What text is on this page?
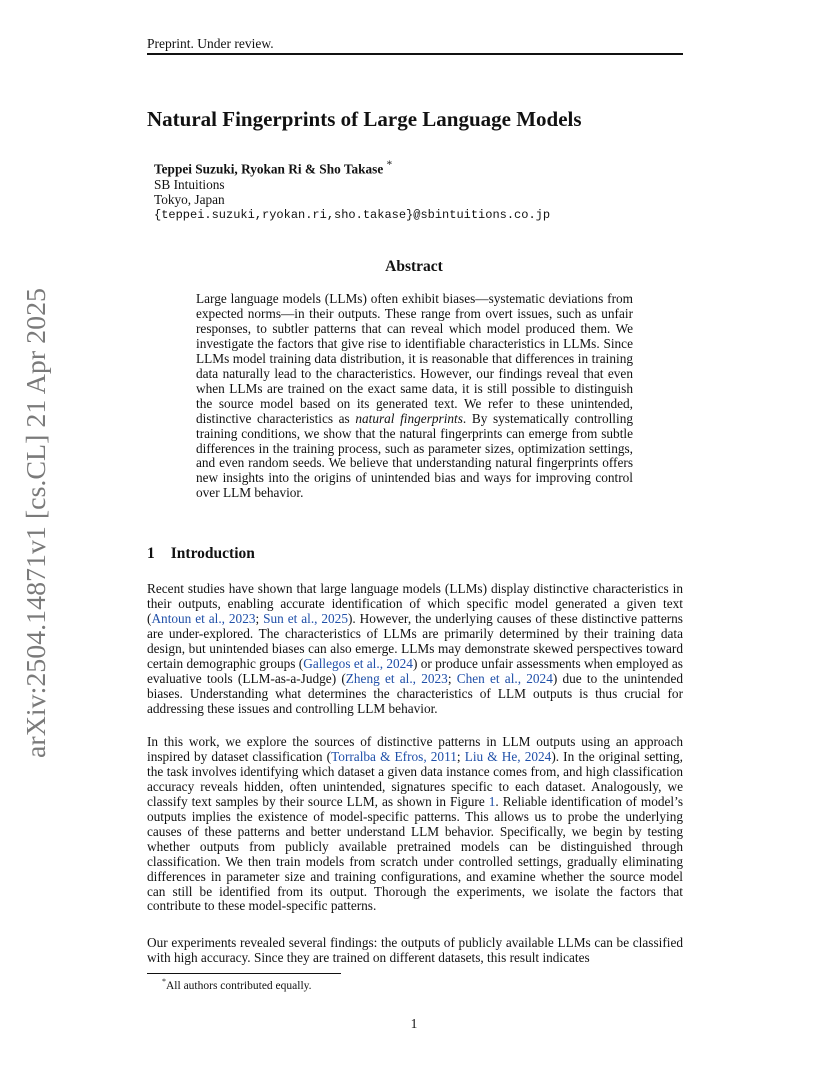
Preprint. Under review.
Natural Fingerprints of Large Language Models
Teppei Suzuki, Ryokan Ri & Sho Takase *
SB Intuitions
Tokyo, Japan
{teppei.suzuki,ryokan.ri,sho.takase}@sbintuitions.co.jp
arXiv:2504.14871v1 [cs.CL] 21 Apr 2025
Abstract
Large language models (LLMs) often exhibit biases—systematic deviations from expected norms—in their outputs. These range from overt issues, such as unfair responses, to subtler patterns that can reveal which model produced them. We investigate the factors that give rise to identifiable characteristics in LLMs. Since LLMs model training data distribution, it is reasonable that differences in training data naturally lead to the characteristics. However, our findings reveal that even when LLMs are trained on the exact same data, it is still possible to distinguish the source model based on its generated text. We refer to these unintended, distinctive characteristics as natural fingerprints. By systematically controlling training conditions, we show that the natural fingerprints can emerge from subtle differences in the training process, such as parameter sizes, optimization settings, and even random seeds. We believe that understanding natural fingerprints offers new insights into the origins of unintended bias and ways for improving control over LLM behavior.
1 Introduction
Recent studies have shown that large language models (LLMs) display distinctive characteristics in their outputs, enabling accurate identification of which specific model generated a given text (Antoun et al., 2023; Sun et al., 2025). However, the underlying causes of these distinctive patterns are under-explored. The characteristics of LLMs are primarily determined by their training data design, but unintended biases can also emerge. LLMs may demonstrate skewed perspectives toward certain demographic groups (Gallegos et al., 2024) or produce unfair assessments when employed as evaluative tools (LLM-as-a-Judge) (Zheng et al., 2023; Chen et al., 2024) due to the unintended biases. Understanding what determines the characteristics of LLM outputs is thus crucial for addressing these issues and controlling LLM behavior.
In this work, we explore the sources of distinctive patterns in LLM outputs using an approach inspired by dataset classification (Torralba & Efros, 2011; Liu & He, 2024). In the original setting, the task involves identifying which dataset a given data instance comes from, and high classification accuracy reveals hidden, often unintended, signatures specific to each dataset. Analogously, we classify text samples by their source LLM, as shown in Figure 1. Reliable identification of model’s outputs implies the existence of model-specific patterns. This allows us to probe the underlying causes of these patterns and better understand LLM behavior. Specifically, we begin by testing whether outputs from publicly available pretrained models can be distinguished through classification. We then train models from scratch under controlled settings, gradually eliminating differences in parameter size and training configurations, and examine whether the source model can still be identified from its output. Thorough the experiments, we isolate the factors that contribute to these model-specific patterns.
Our experiments revealed several findings: the outputs of publicly available LLMs can be classified with high accuracy. Since they are trained on different datasets, this result indicates
*All authors contributed equally.
1
